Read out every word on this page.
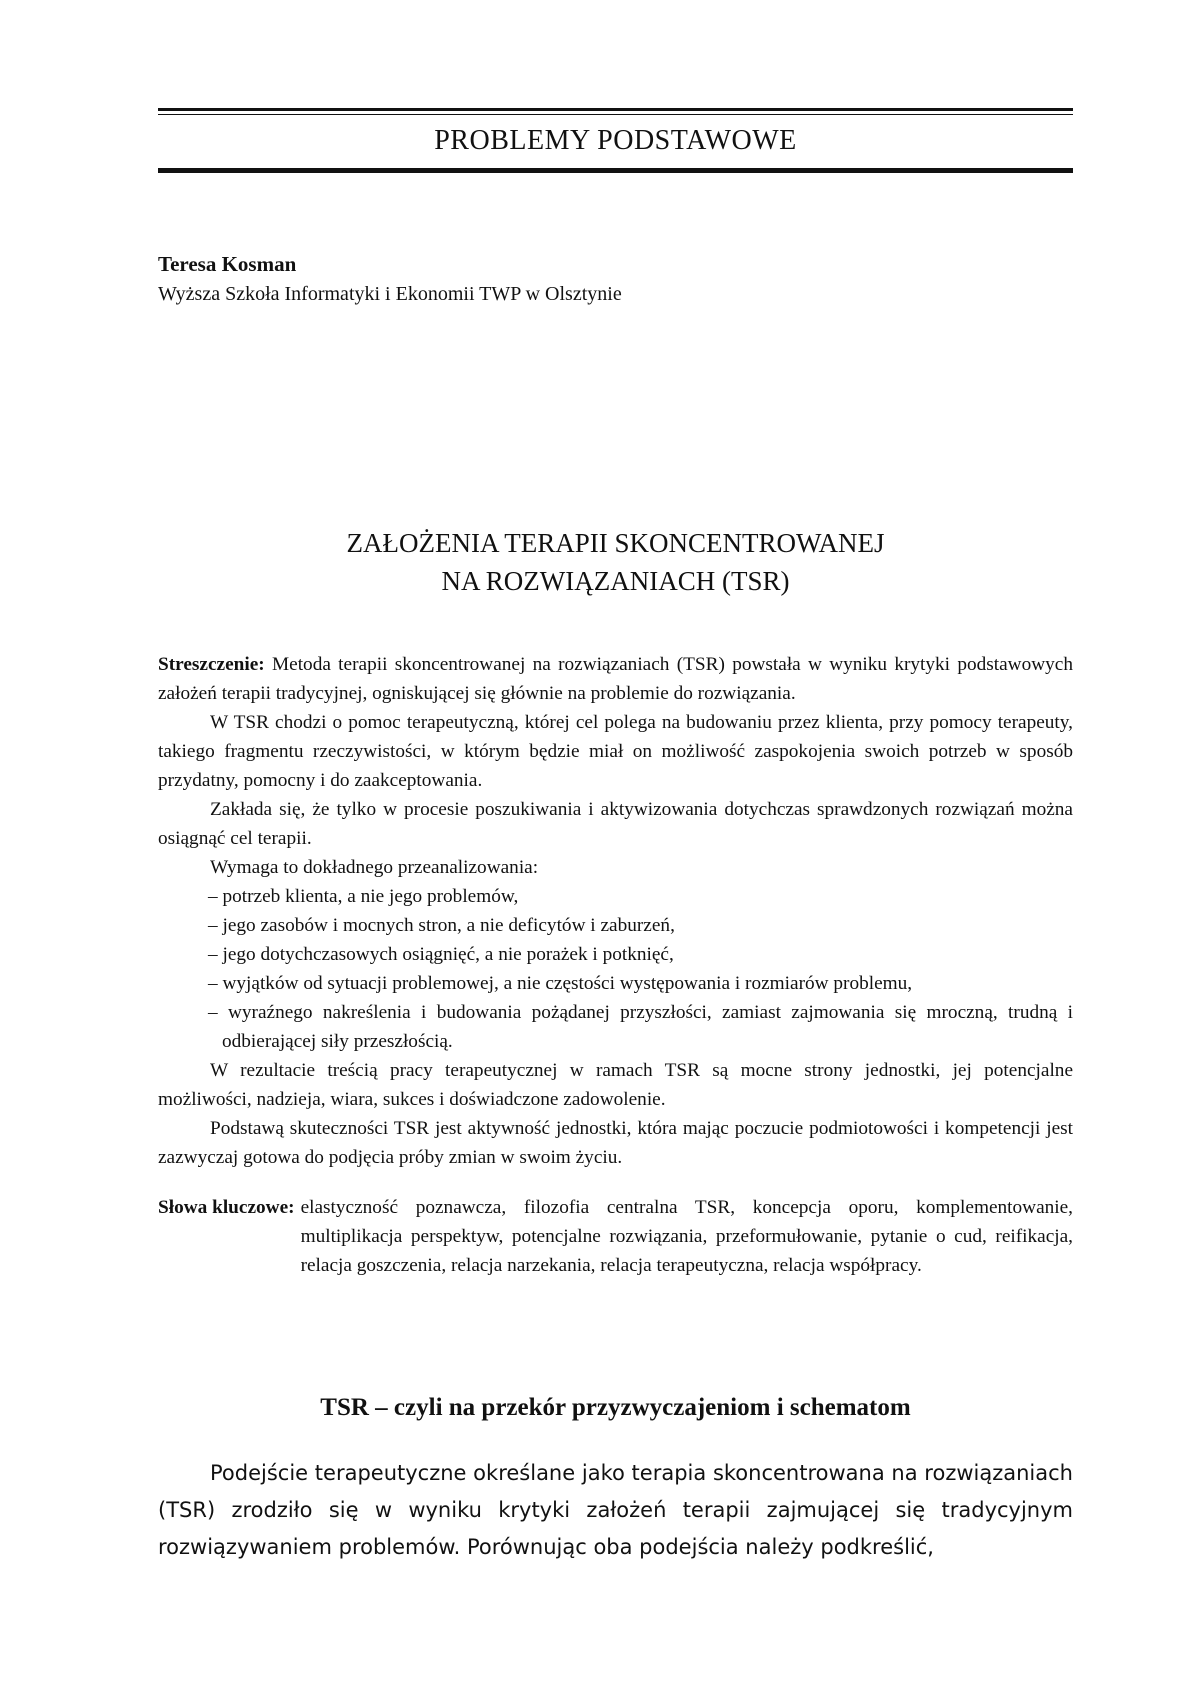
PROBLEMY PODSTAWOWE
Teresa Kosman
Wyższa Szkoła Informatyki i Ekonomii TWP w Olsztynie
ZAŁOŻENIA TERAPII SKONCENTROWANEJ
NA ROZWIĄZANIACH (TSR)

Streszczenie: Metoda terapii skoncentrowanej na rozwiązaniach (TSR) powstała w wyniku krytyki podstawowych założeń terapii tradycyjnej, ogniskującej się głównie na problemie do rozwiązania.

W TSR chodzi o pomoc terapeutyczną, której cel polega na budowaniu przez klienta, przy pomocy terapeuty, takiego fragmentu rzeczywistości, w którym będzie miał on możliwość zaspokojenia swoich potrzeb w sposób przydatny, pomocny i do zaakceptowania.

Zakłada się, że tylko w procesie poszukiwania i aktywizowania dotychczas sprawdzonych rozwiązań można osiągnąć cel terapii.

Wymaga to dokładnego przeanalizowania:

– potrzeb klienta, a nie jego problemów,
– jego zasobów i mocnych stron, a nie deficytów i zaburzeń,
– jego dotychczasowych osiągnięć, a nie porażek i potknięć,
– wyjątków od sytuacji problemowej, a nie częstości występowania i rozmiarów problemu,
– wyraźnego nakreślenia i budowania pożądanej przyszłości, zamiast zajmowania się mroczną, trudną i odbierającej siły przeszłością.

W rezultacie treścią pracy terapeutycznej w ramach TSR są mocne strony jednostki, jej potencjalne możliwości, nadzieja, wiara, sukces i doświadczone zadowolenie.

Podstawą skuteczności TSR jest aktywność jednostki, która mając poczucie podmiotowości i kompetencji jest zazwyczaj gotowa do podjęcia próby zmian w swoim życiu.

Słowa kluczowe: elastyczność poznawcza, filozofia centralna TSR, koncepcja oporu, komplementowanie, multiplikacja perspektyw, potencjalne rozwiązania, przeformułowanie, pytanie o cud, reifikacja, relacja goszczenia, relacja narzekania, relacja terapeutyczna, relacja współpracy.
TSR – czyli na przekór przyzwyczajeniom i schematom

Podejście terapeutyczne określane jako terapia skoncentrowana na rozwiązaniach (TSR) zrodziło się w wyniku krytyki założeń terapii zajmującej się tradycyjnym rozwiązywaniem problemów. Porównując oba podejścia należy podkreślić,
